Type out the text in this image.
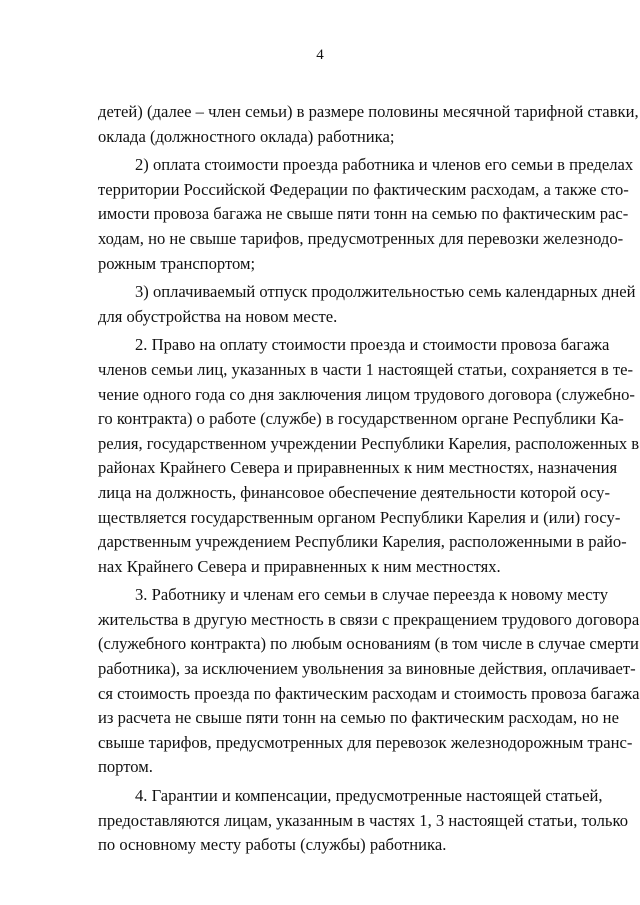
4
детей) (далее – член семьи) в размере половины месячной тарифной ставки,
оклада (должностного оклада) работника;
2) оплата стоимости проезда работника и членов его семьи в пределах
территории Российской Федерации по фактическим расходам, а также сто-
имости провоза багажа не свыше пяти тонн на семью по фактическим рас-
ходам, но не свыше тарифов, предусмотренных для перевозки железнодо-
рожным транспортом;
3) оплачиваемый отпуск продолжительностью семь календарных дней
для обустройства на новом месте.
2. Право на оплату стоимости проезда и стоимости провоза багажа
членов семьи лиц, указанных в части 1 настоящей статьи, сохраняется в те-
чение одного года со дня заключения лицом трудового договора (служебно-
го контракта) о работе (службе) в государственном органе Республики Ка-
релия, государственном учреждении Республики Карелия, расположенных в
районах Крайнего Севера и приравненных к ним местностях, назначения
лица на должность, финансовое обеспечение деятельности которой осу-
ществляется государственным органом Республики Карелия и (или) госу-
дарственным учреждением Республики Карелия, расположенными в райо-
нах Крайнего Севера и приравненных к ним местностях.
3. Работнику и членам его семьи в случае переезда к новому месту
жительства в другую местность в связи с прекращением трудового договора
(служебного контракта) по любым основаниям (в том числе в случае смерти
работника), за исключением увольнения за виновные действия, оплачивает-
ся стоимость проезда по фактическим расходам и стоимость провоза багажа
из расчета не свыше пяти тонн на семью по фактическим расходам, но не
свыше тарифов, предусмотренных для перевозок железнодорожным транс-
портом.
4. Гарантии и компенсации, предусмотренные настоящей статьей,
предоставляются лицам, указанным в частях 1, 3 настоящей статьи, только
по основному месту работы (службы) работника.
